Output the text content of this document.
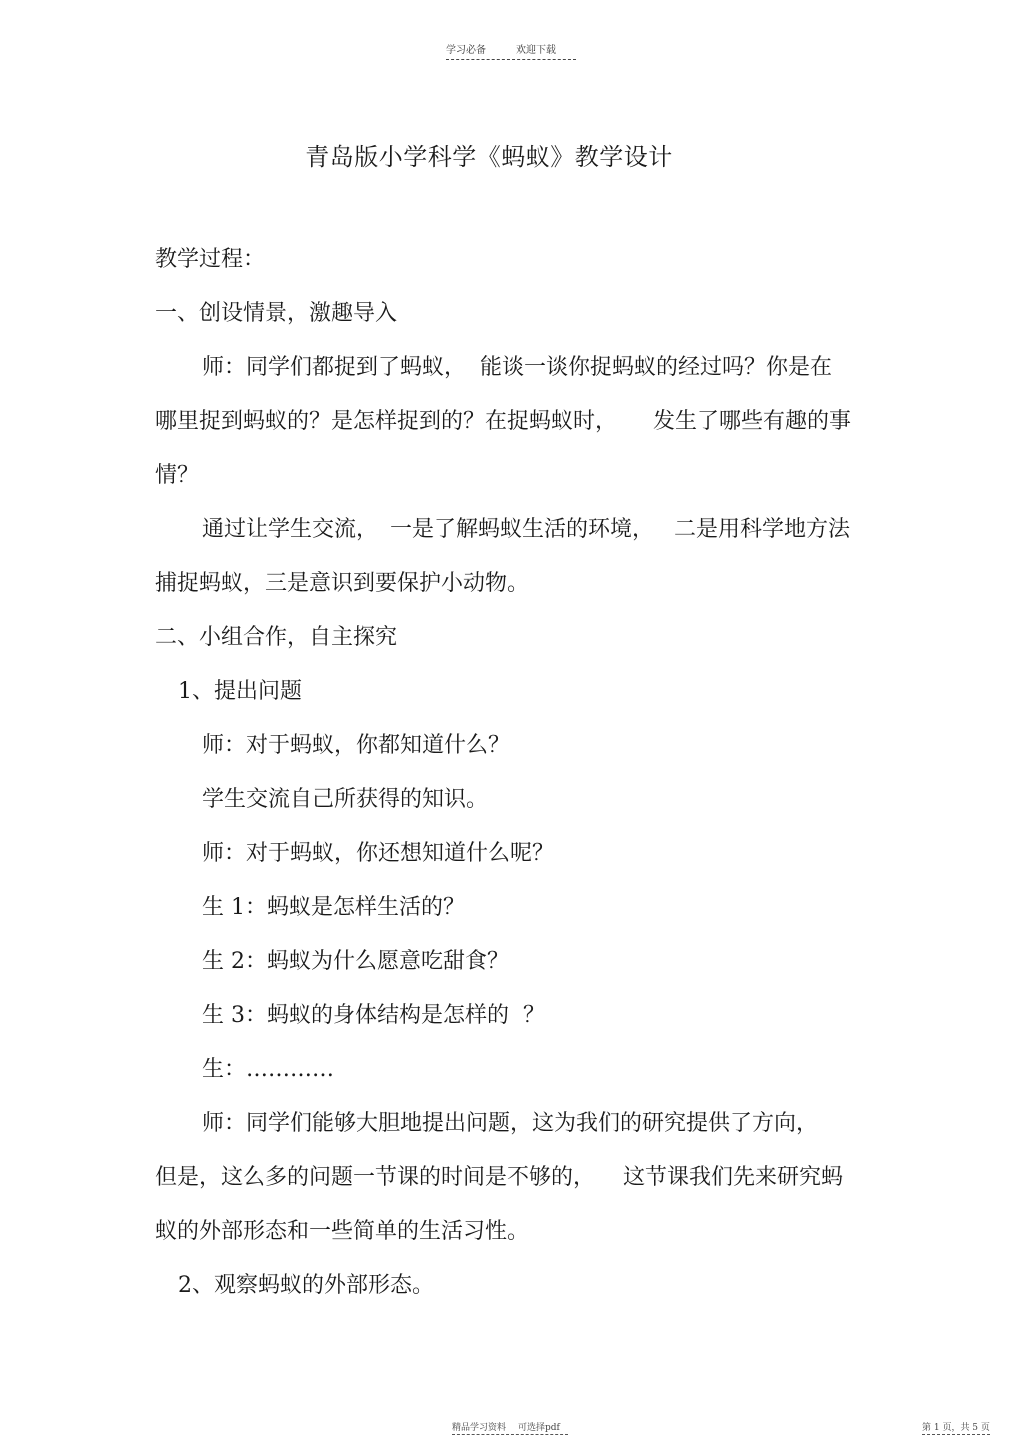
学习必备	欢迎下载
青岛版小学科学《蚂蚁》教学设计
教学过程：
一、创设情景，激趣导入
师：同学们都捉到了蚂蚁， 能谈一谈你捉蚂蚁的经过吗？你是在
哪里捉到蚂蚁的？是怎样捉到的？在捉蚂蚁时， 发生了哪些有趣的事
情？
通过让学生交流， 一是了解蚂蚁生活的环境， 二是用科学地方法
捕捉蚂蚁，三是意识到要保护小动物。
二、小组合作，自主探究
1、提出问题
师：对于蚂蚁，你都知道什么？
学生交流自己所获得的知识。
师：对于蚂蚁，你还想知道什么呢？
生 1：蚂蚁是怎样生活的？
生 2：蚂蚁为什么愿意吃甜食？
生 3：蚂蚁的身体结构是怎样的 ？
生：…………
师：同学们能够大胆地提出问题，这为我们的研究提供了方向，
但是，这么多的问题一节课的时间是不够的， 这节课我们先来研究蚂
蚁的外部形态和一些简单的生活习性。
2、观察蚂蚁的外部形态。
精品学习资料 可选择pdf	第 1 页，共 5 页
